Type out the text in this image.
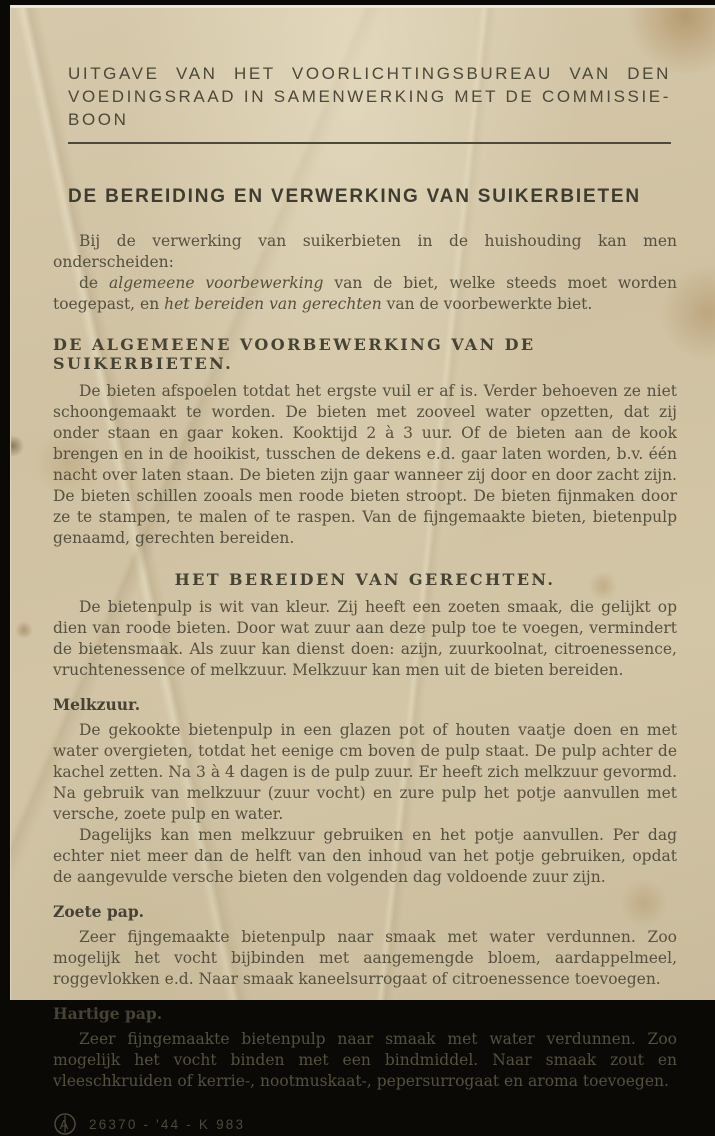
UITGAVE VAN HET VOORLICHTINGSBUREAU VAN DEN
VOEDINGSRAAD IN SAMENWERKING MET DE COMMISSIE-BOON
DE BEREIDING EN VERWERKING VAN SUIKERBIETEN

Bij de verwerking van suikerbieten in de huishouding kan men onderscheiden:

de algemeene voorbewerking van de biet, welke steeds moet worden toegepast, en het bereiden van gerechten van de voorbewerkte biet.

DE ALGEMEENE VOORBEWERKING VAN DE SUIKERBIETEN.

De bieten afspoelen totdat het ergste vuil er af is. Verder behoeven ze niet schoongemaakt te worden. De bieten met zooveel water opzetten, dat zij onder staan en gaar koken. Kooktijd 2 à 3 uur. Of de bieten aan de kook brengen en in de hooikist, tusschen de dekens e.d. gaar laten worden, b.v. één nacht over laten staan. De bieten zijn gaar wanneer zij door en door zacht zijn. De bieten schillen zooals men roode bieten stroopt. De bieten fijnmaken door ze te stampen, te malen of te raspen. Van de fijngemaakte bieten, bietenpulp genaamd, gerechten bereiden.

HET BEREIDEN VAN GERECHTEN.

De bietenpulp is wit van kleur. Zij heeft een zoeten smaak, die gelijkt op dien van roode bieten. Door wat zuur aan deze pulp toe te voegen, vermindert de bietensmaak. Als zuur kan dienst doen: azijn, zuurkoolnat, citroenessence, vruchtenessence of melkzuur. Melkzuur kan men uit de bieten bereiden.

Melkzuur.

De gekookte bietenpulp in een glazen pot of houten vaatje doen en met water overgieten, totdat het eenige cm boven de pulp staat. De pulp achter de kachel zetten. Na 3 à 4 dagen is de pulp zuur. Er heeft zich melkzuur gevormd. Na gebruik van melkzuur (zuur vocht) en zure pulp het potje aanvullen met versche, zoete pulp en water.

Dagelijks kan men melkzuur gebruiken en het potje aanvullen. Per dag echter niet meer dan de helft van den inhoud van het potje gebruiken, opdat de aangevulde versche bieten den volgenden dag voldoende zuur zijn.

Zoete pap.

Zeer fijngemaakte bietenpulp naar smaak met water verdunnen. Zoo mogelijk het vocht bijbinden met aangemengde bloem, aardappelmeel, roggevlokken e.d. Naar smaak kaneelsurrogaat of citroenessence toevoegen.

Hartige pap.

Zeer fijngemaakte bietenpulp naar smaak met water verdunnen. Zoo mogelijk het vocht binden met een bindmiddel. Naar smaak zout en vleeschkruiden of kerrie-, nootmuskaat-, pepersurrogaat en aroma toevoegen.

A 26370 - '44 - K 983
